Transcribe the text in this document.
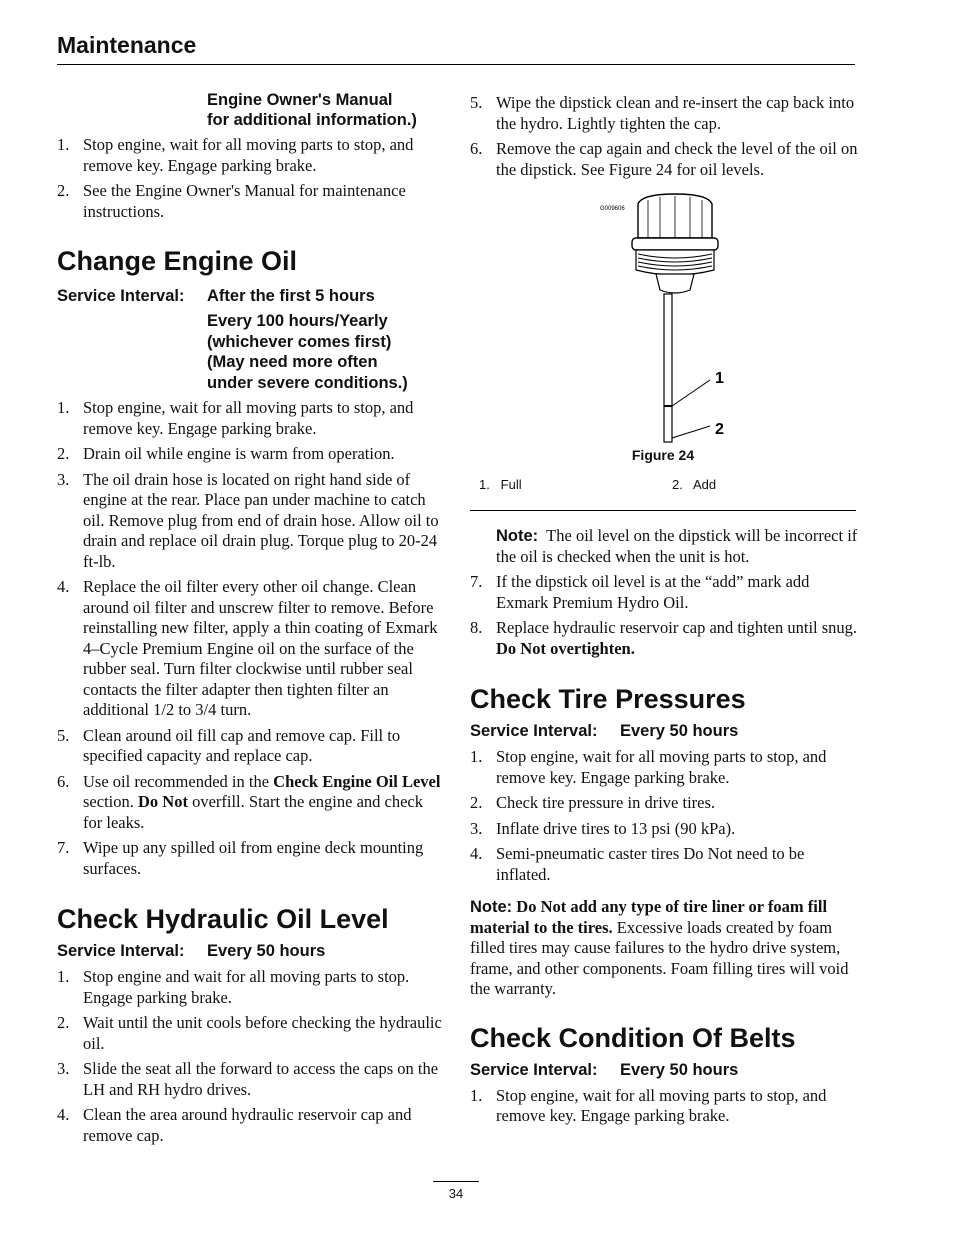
Maintenance
Engine Owner's Manual
for additional information.)
1. Stop engine, wait for all moving parts to stop, and remove key. Engage parking brake.
2. See the Engine Owner's Manual for maintenance instructions.
Change Engine Oil
Service Interval: After the first 5 hours
Every 100 hours/Yearly
(whichever comes first)
(May need more often
under severe conditions.)
1. Stop engine, wait for all moving parts to stop, and remove key. Engage parking brake.
2. Drain oil while engine is warm from operation.
3. The oil drain hose is located on right hand side of engine at the rear. Place pan under machine to catch oil. Remove plug from end of drain hose. Allow oil to drain and replace oil drain plug. Torque plug to 20-24 ft-lb.
4. Replace the oil filter every other oil change. Clean around oil filter and unscrew filter to remove. Before reinstalling new filter, apply a thin coating of Exmark 4–Cycle Premium Engine oil on the surface of the rubber seal. Turn filter clockwise until rubber seal contacts the filter adapter then tighten filter an additional 1/2 to 3/4 turn.
5. Clean around oil fill cap and remove cap. Fill to specified capacity and replace cap.
6. Use oil recommended in the Check Engine Oil Level section. Do Not overfill. Start the engine and check for leaks.
7. Wipe up any spilled oil from engine deck mounting surfaces.
Check Hydraulic Oil Level
Service Interval: Every 50 hours
1. Stop engine and wait for all moving parts to stop. Engage parking brake.
2. Wait until the unit cools before checking the hydraulic oil.
3. Slide the seat all the forward to access the caps on the LH and RH hydro drives.
4. Clean the area around hydraulic reservoir cap and remove cap.
5. Wipe the dipstick clean and re-insert the cap back into the hydro. Lightly tighten the cap.
6. Remove the cap again and check the level of the oil on the dipstick. See Figure 24 for oil levels.
G009606
1
2
Figure 24
1.   Full	2.   Add
Note: The oil level on the dipstick will be incorrect if the oil is checked when the unit is hot.
7. If the dipstick oil level is at the “add” mark add Exmark Premium Hydro Oil.
8. Replace hydraulic reservoir cap and tighten until snug. Do Not overtighten.
Check Tire Pressures
Service Interval: Every 50 hours
1. Stop engine, wait for all moving parts to stop, and remove key. Engage parking brake.
2. Check tire pressure in drive tires.
3. Inflate drive tires to 13 psi (90 kPa).
4. Semi-pneumatic caster tires Do Not need to be inflated.
Note: Do Not add any type of tire liner or foam fill material to the tires. Excessive loads created by foam filled tires may cause failures to the hydro drive system, frame, and other components. Foam filling tires will void the warranty.
Check Condition Of Belts
Service Interval: Every 50 hours
1. Stop engine, wait for all moving parts to stop, and remove key. Engage parking brake.
34
